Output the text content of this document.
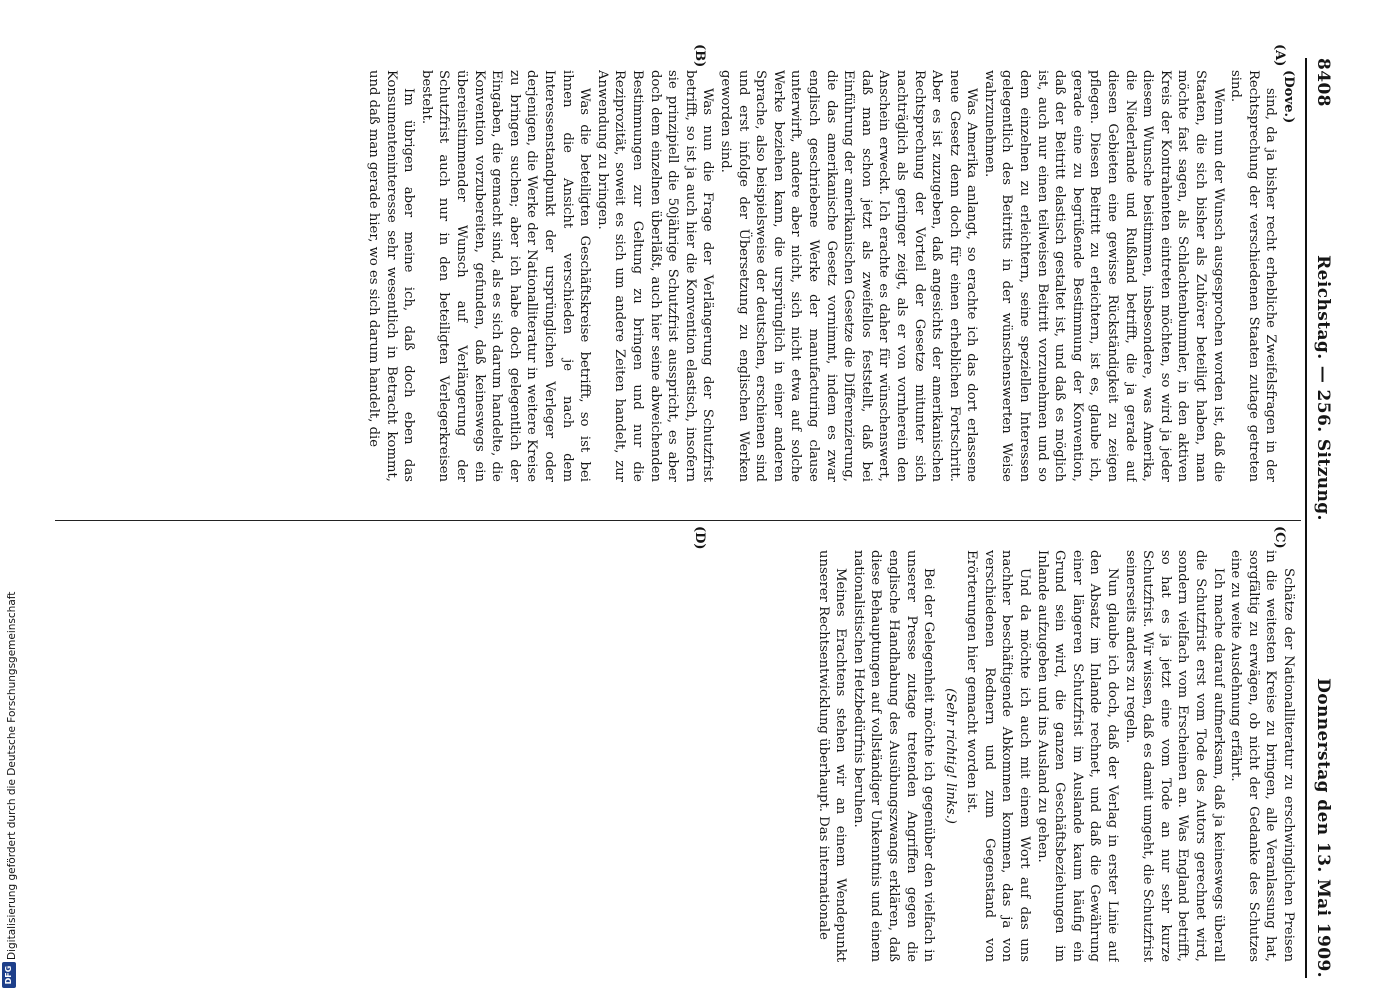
8408
Reichstag. — 256. Sitzung.
Donnerstag den 13. Mai 1909.
(A)
(B)
(C)
(D)

(Dove.)

sind, da ja bisher recht erhebliche Zweifelsfragen in der Rechtsprechung der verschiedenen Staaten zutage getreten sind.

Wenn nun der Wunsch ausgesprochen worden ist, daß die Staaten, die sich bisher als Zuhörer beteiligt haben, man möchte fast sagen, als Schlachtenbummler, in den aktiven Kreis der Kontrahenten eintreten möchten, so wird ja jeder diesem Wunsche beistimmen, insbesondere, was Amerika, die Niederlande und Rußland betrifft, die ja gerade auf diesen Gebieten eine gewisse Rückständigkeit zu zeigen pflegen. Diesen Beitritt zu erleichtern, ist es, glaube ich, gerade eine zu begrüßende Bestimmung der Konvention, daß der Beitritt elastisch gestaltet ist, und daß es möglich ist, auch nur einen teilweisen Beitritt vorzunehmen und so dem einzelnen zu erleichtern, seine speziellen Interessen gelegentlich des Beitritts in der wünschenswerten Weise wahrzunehmen.

Was Amerika anlangt, so erachte ich das dort erlassene neue Gesetz denn doch für einen erheblichen Fortschritt. Aber es ist zuzugeben, daß angesichts der amerikanischen Rechtsprechung der Vorteil der Gesetze mitunter sich nachträglich als geringer zeigt, als er von vornherein den Anschein erweckt. Ich erachte es daher für wünschenswert, daß man schon jetzt als zweifellos feststellt, daß bei Einführung der amerikanischen Gesetze die Differenzierung, die das amerikanische Gesetz vornimmt, indem es zwar englisch geschriebene Werke der manufacturing clause unterwirft, andere aber nicht, sich nicht etwa auf solche Werke beziehen kann, die ursprünglich in einer anderen Sprache, also beispielsweise der deutschen, erschienen sind und erst infolge der Übersetzung zu englischen Werken geworden sind.

Was nun die Frage der Verlängerung der Schutzfrist betrifft, so ist ja auch hier die Konvention elastisch, insofern sie prinzipiell die 50jährige Schutzfrist ausspricht, es aber doch dem einzelnen überläßt, auch hier seine abweichenden Bestimmungen zur Geltung zu bringen und nur die Reziprozität, soweit es sich um andere Zeiten handelt, zur Anwendung zu bringen.

Was die beteiligten Geschäftskreise betrifft, so ist bei ihnen die Ansicht verschieden je nach dem Interessenstandpunkt der ursprünglichen Verleger oder derjenigen, die Werke der Nationalliteratur in weitere Kreise zu bringen suchen; aber ich habe doch gelegentlich der Eingaben, die gemacht sind, als es sich darum handelte, die Konvention vorzubereiten, gefunden, daß keineswegs ein übereinstimmender Wunsch auf Verlängerung der Schutzfrist auch nur in den beteiligten Verlegerkreisen besteht.

Im übrigen aber meine ich, daß doch eben das Konsumenteninteresse sehr wesentlich in Betracht kommt, und daß man gerade hier, wo es sich darum handelt, die

Schätze der Nationalliteratur zu erschwinglichen Preisen in die weitesten Kreise zu bringen, alle Veranlassung hat, sorgfältig zu erwägen, ob nicht der Gedanke des Schutzes eine zu weite Ausdehnung erfährt.

Ich mache darauf aufmerksam, daß ja keineswegs überall die Schutzfrist erst vom Tode des Autors gerechnet wird, sondern vielfach vom Erscheinen an. Was England betrifft, so hat es ja jetzt eine vom Tode an nur sehr kurze Schutzfrist. Wir wissen, daß es damit umgeht, die Schutzfrist seinerseits anders zu regeln.

Nun glaube ich doch, daß der Verlag in erster Linie auf den Absatz im Inlande rechnet, und daß die Gewährung einer längeren Schutzfrist im Auslande kaum häufig ein Grund sein wird, die ganzen Geschäftsbeziehungen im Inlande aufzugeben und ins Ausland zu gehen.

Und da möchte ich auch mit einem Wort auf das uns nachher beschäftigende Abkommen kommen, das ja von verschiedenen Rednern und zum Gegenstand von Erörterungen hier gemacht worden ist.

(Sehr richtig! links.)

Bei der Gelegenheit möchte ich gegenüber den vielfach in unserer Presse zutage tretenden Angriffen gegen die englische Handhabung des Ausübungszwangs erklären, daß diese Behauptungen auf vollständiger Unkenntnis und einem nationalistischen Hetzbedürfnis beruhen.

Meines Erachtens stehen wir an einem Wendepunkt unserer Rechtsentwicklung überhaupt. Das internationale

Digitalisierung gefördert durch die Deutsche Forschungsgemeinschaft
DFG
